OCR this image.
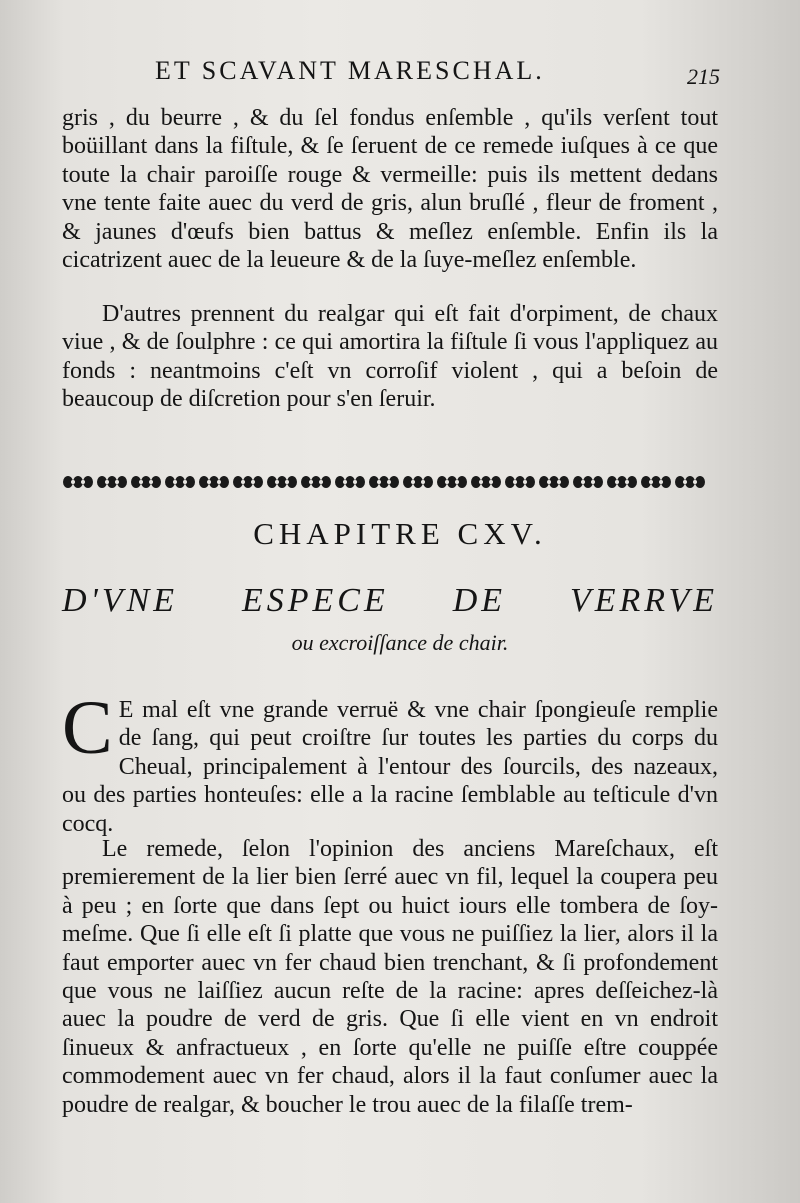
ET SCAVANT MARESCHAL.	215

gris , du beurre , & du ſel fondus enſemble , qu'ils verſent tout boüillant dans la fiſtule, & ſe ſeruent de ce remede iuſques à ce que toute la chair paroiſſe rouge & vermeille: puis ils mettent dedans vne tente faite auec du verd de gris, alun bruſlé , fleur de froment , & jaunes d'œufs bien battus & meſlez enſemble. Enfin ils la cicatrizent auec de la leueure & de la ſuye-meſlez enſemble.

D'autres prennent du realgar qui eſt fait d'orpiment, de chaux viue , & de ſoulphre : ce qui amortira la fiſtule ſi vous l'appliquez au fonds : neantmoins c'eſt vn corroſif violent , qui a beſoin de beaucoup de diſcretion pour s'en ſeruir.

CHAPITRE CXV.
D'VNE ESPECE DE VERRVE
ou excroiſſance de chair.
C E mal eſt vne grande verruë & vne chair ſpongieuſe remplie de ſang, qui peut croiſtre ſur toutes les parties du corps du Cheual, principalement à l'entour des ſourcils, des nazeaux, ou des parties honteuſes: elle a la racine ſemblable au teſticule d'vn cocq.

Le remede, ſelon l'opinion des anciens Mareſchaux, eſt premierement de la lier bien ſerré auec vn fil, lequel la coupera peu à peu ; en ſorte que dans ſept ou huict iours elle tombera de ſoy-meſme. Que ſi elle eſt ſi platte que vous ne puiſſiez la lier, alors il la faut emporter auec vn fer chaud bien trenchant, & ſi profondement que vous ne laiſſiez aucun reſte de la racine: apres deſſeichez-là auec la poudre de verd de gris. Que ſi elle vient en vn endroit ſinueux & anfractueux , en ſorte qu'elle ne puiſſe eſtre couppée commodement auec vn fer chaud, alors il la faut conſumer auec la poudre de realgar, & boucher le trou auec de la filaſſe trem-
